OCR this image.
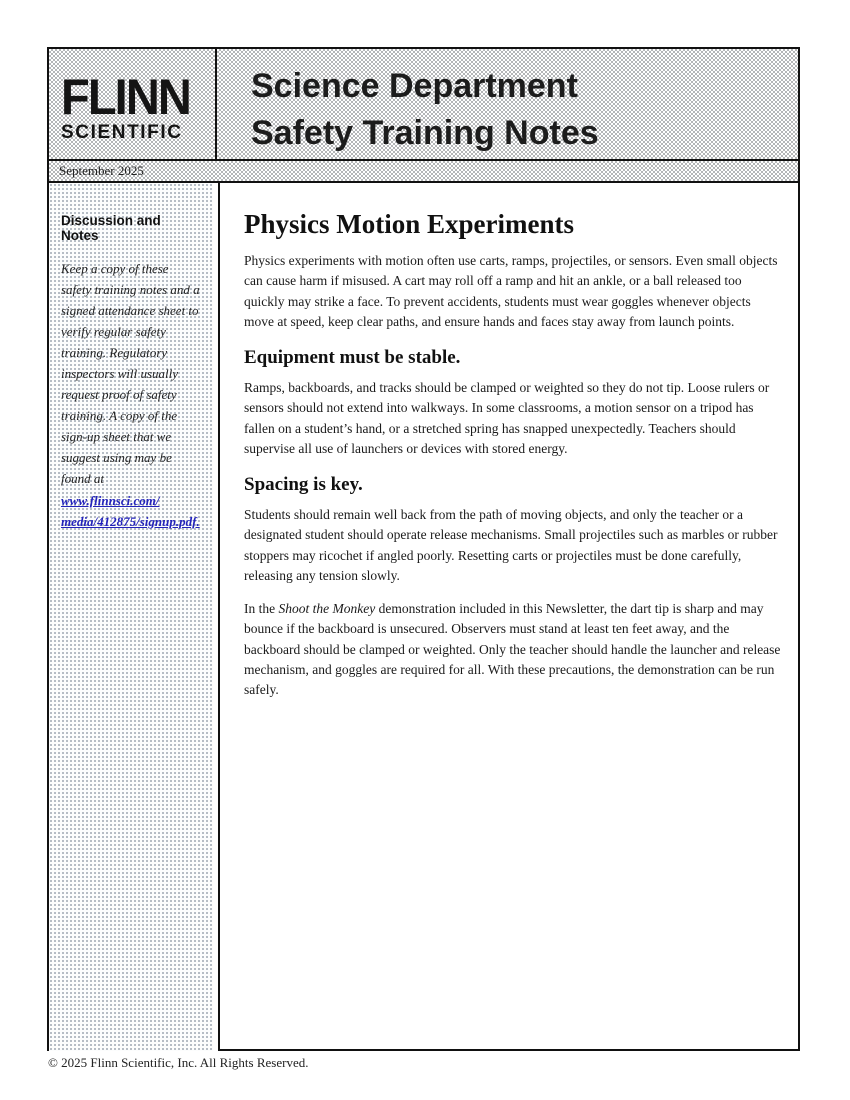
FLINN
SCIENTIFIC
Science Department
Safety Training Notes
September 2025
Discussion and Notes
Keep a copy of these safety training notes and a signed attendance sheet to verify regular safety training. Regulatory inspectors will usually request proof of safety training. A copy of the sign-up sheet that we suggest using may be found at www.flinnsci.com/media/412875/signup.pdf.
Physics Motion Experiments

Physics experiments with motion often use carts, ramps, projectiles, or sensors. Even small objects can cause harm if misused. A cart may roll off a ramp and hit an ankle, or a ball released too quickly may strike a face. To prevent accidents, students must wear goggles whenever objects move at speed, keep clear paths, and ensure hands and faces stay away from launch points.

Equipment must be stable.

Ramps, backboards, and tracks should be clamped or weighted so they do not tip. Loose rulers or sensors should not extend into walkways. In some classrooms, a motion sensor on a tripod has fallen on a student’s hand, or a stretched spring has snapped unexpectedly. Teachers should supervise all use of launchers or devices with stored energy.

Spacing is key.

Students should remain well back from the path of moving objects, and only the teacher or a designated student should operate release mechanisms. Small projectiles such as marbles or rubber stoppers may ricochet if angled poorly. Resetting carts or projectiles must be done carefully, releasing any tension slowly.

In the Shoot the Monkey demonstration included in this Newsletter, the dart tip is sharp and may bounce if the backboard is unsecured. Observers must stand at least ten feet away, and the backboard should be clamped or weighted. Only the teacher should handle the launcher and release mechanism, and goggles are required for all. With these precautions, the demonstration can be run safely.

© 2025 Flinn Scientific, Inc. All Rights Reserved.
